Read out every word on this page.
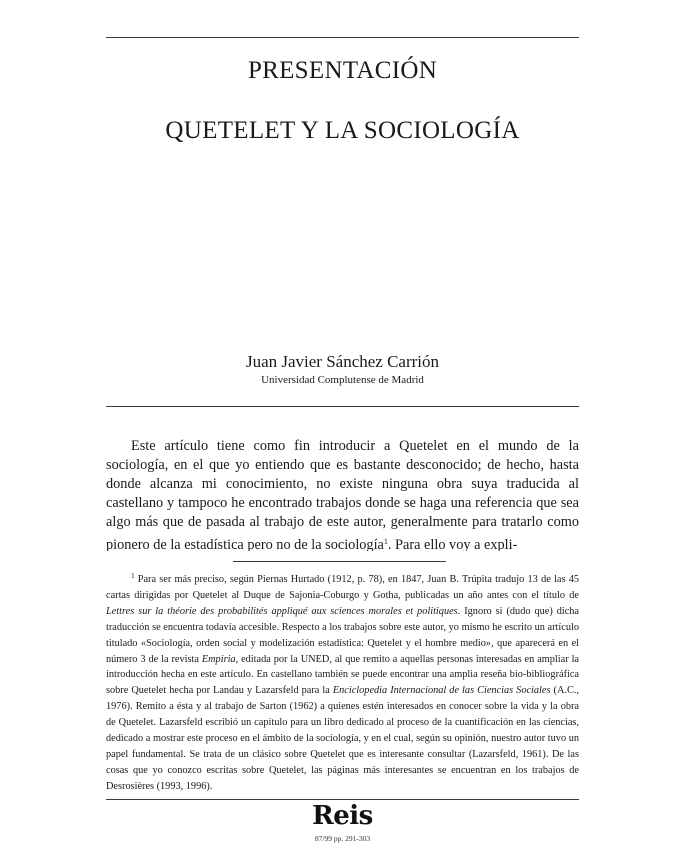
PRESENTACIÓN
QUETELET Y LA SOCIOLOGÍA
Juan Javier Sánchez Carrión
Universidad Complutense de Madrid

Este artículo tiene como fin introducir a Quetelet en el mundo de la sociología, en el que yo entiendo que es bastante desconocido; de hecho, hasta donde alcanza mi conocimiento, no existe ninguna obra suya traducida al castellano y tampoco he encontrado trabajos donde se haga una referencia que sea algo más que de pasada al trabajo de este autor, generalmente para tratarlo como pionero de la estadística pero no de la sociología$^1$. Para ello voy a expli-

$^1$ Para ser más preciso, según Piernas Hurtado (1912, p. 78), en 1847, Juan B. Trúpita tradujo 13 de las 45 cartas dirigidas por Quetelet al Duque de Sajonia-Coburgo y Gotha, publicadas un año antes con el título de Lettres sur la théorie des probabilités appliqué aux sciences morales et politiques. Ignoro si (dudo que) dicha traducción se encuentra todavía accesible. Respecto a los trabajos sobre este autor, yo mismo he escrito un artículo titulado «Sociología, orden social y modelización estadística: Quetelet y el hombre medio», que aparecerá en el número 3 de la revista Empiria, editada por la UNED, al que remito a aquellas personas interesadas en ampliar la introducción hecha en este artículo. En castellano también se puede encontrar una amplia reseña bio-bibliográfica sobre Quetelet hecha por Landau y Lazarsfeld para la Enciclopedia Internacional de las Ciencias Sociales (A.C., 1976). Remito a ésta y al trabajo de Sarton (1962) a quienes estén interesados en conocer sobre la vida y la obra de Quetelet. Lazarsfeld escribió un capítulo para un libro dedicado al proceso de la cuantificación en las ciencias, dedicado a mostrar este proceso en el ámbito de la sociología, y en el cual, según su opinión, nuestro autor tuvo un papel fundamental. Se trata de un clásico sobre Quetelet que es interesante consultar (Lazarsfeld, 1961). De las cosas que yo conozco escritas sobre Quetelet, las páginas más interesantes se encuentran en los trabajos de Desrosières (1993, 1996).

Reis
87/99 pp. 291-303
